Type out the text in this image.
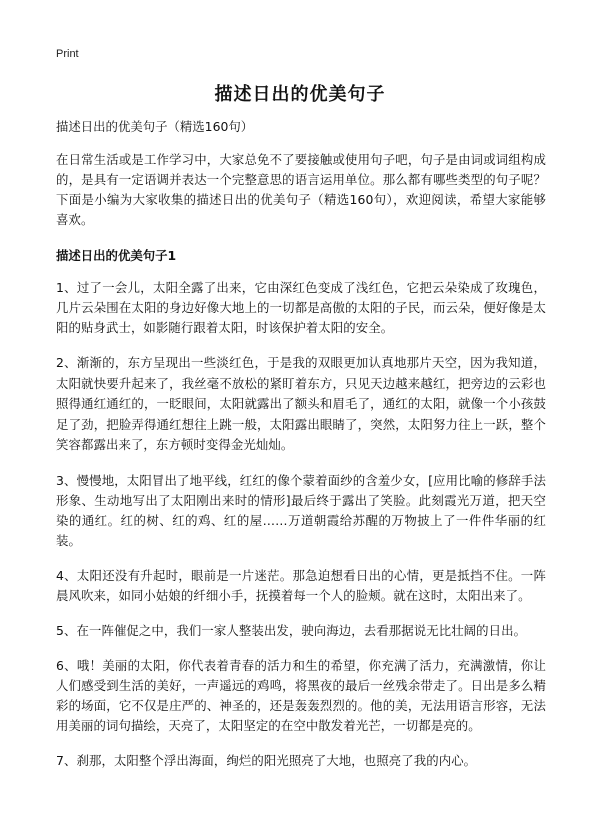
Print
描述日出的优美句子

描述日出的优美句子（精选160句）

在日常生活或是工作学习中，大家总免不了要接触或使用句子吧，句子是由词或词组构成的，是具有一定语调并表达一个完整意思的语言运用单位。那么都有哪些类型的句子呢？下面是小编为大家收集的描述日出的优美句子（精选160句），欢迎阅读，希望大家能够喜欢。

描述日出的优美句子1

1、过了一会儿，太阳全露了出来，它由深红色变成了浅红色，它把云朵染成了玫瑰色，几片云朵围在太阳的身边好像大地上的一切都是高傲的太阳的子民，而云朵，便好像是太阳的贴身武士，如影随行跟着太阳，时该保护着太阳的安全。

2、渐渐的，东方呈现出一些淡红色，于是我的双眼更加认真地那片天空，因为我知道，太阳就快要升起来了，我丝毫不放松的紧盯着东方，只见天边越来越红，把旁边的云彩也照得通红通红的，一眨眼间，太阳就露出了额头和眉毛了，通红的太阳，就像一个小孩鼓足了劲，把脸弄得通红想往上跳一般，太阳露出眼睛了，突然，太阳努力往上一跃，整个笑容都露出来了，东方顿时变得金光灿灿。

3、慢慢地，太阳冒出了地平线，红红的像个蒙着面纱的含羞少女，[应用比喻的修辞手法形象、生动地写出了太阳刚出来时的情形]最后终于露出了笑脸。此刻霞光万道，把天空染的通红。红的树、红的鸡、红的屋……万道朝霞给苏醒的万物披上了一件件华丽的红装。

4、太阳还没有升起时，眼前是一片迷茫。那急迫想看日出的心情，更是抵挡不住。一阵晨风吹来，如同小姑娘的纤细小手，抚摸着每一个人的脸颊。就在这时，太阳出来了。

5、在一阵催促之中，我们一家人整装出发，驶向海边，去看那据说无比壮阔的日出。

6、哦！美丽的太阳，你代表着青春的活力和生的希望，你充满了活力，充满激情，你让人们感受到生活的美好，一声遥远的鸡鸣，将黑夜的最后一丝残余带走了。日出是多么精彩的场面，它不仅是庄严的、神圣的，还是轰轰烈烈的。他的美，无法用语言形容，无法用美丽的词句描绘，天亮了，太阳坚定的在空中散发着光芒，一切都是亮的。

7、刹那，太阳整个浮出海面，绚烂的阳光照亮了大地，也照亮了我的内心。
